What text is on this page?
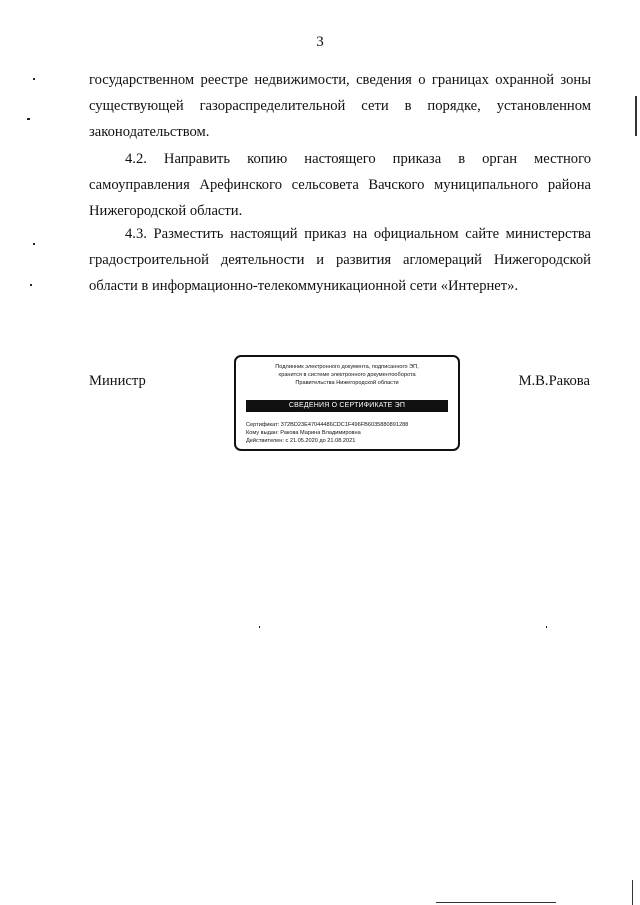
3
государственном реестре недвижимости, сведения о границах охранной зоны
существующей газораспределительной сети в порядке, установленном
законодательством.
4.2. Направить копию настоящего приказа в орган местного
самоуправления Арефинского сельсовета Вачского муниципального района
Нижегородской области.
4.3. Разместить настоящий приказ на официальном сайте министерства
градостроительной деятельности и развития агломераций Нижегородской
области в информационно-телекоммуникационной сети «Интернет».
Министр
Подлинник электронного документа, подписанного ЭП,
хранится в системе электронного документооборота
Правительства Нижегородской области
СВЕДЕНИЯ О СЕРТИФИКАТЕ ЭП
Сертификат: 372BD23E47044486CDC1F496FB6035880891288
Кому выдан: Ракова Марина Владимировна
Действителен: с 21.05.2020 до 21.08.2021
М.В.Ракова
